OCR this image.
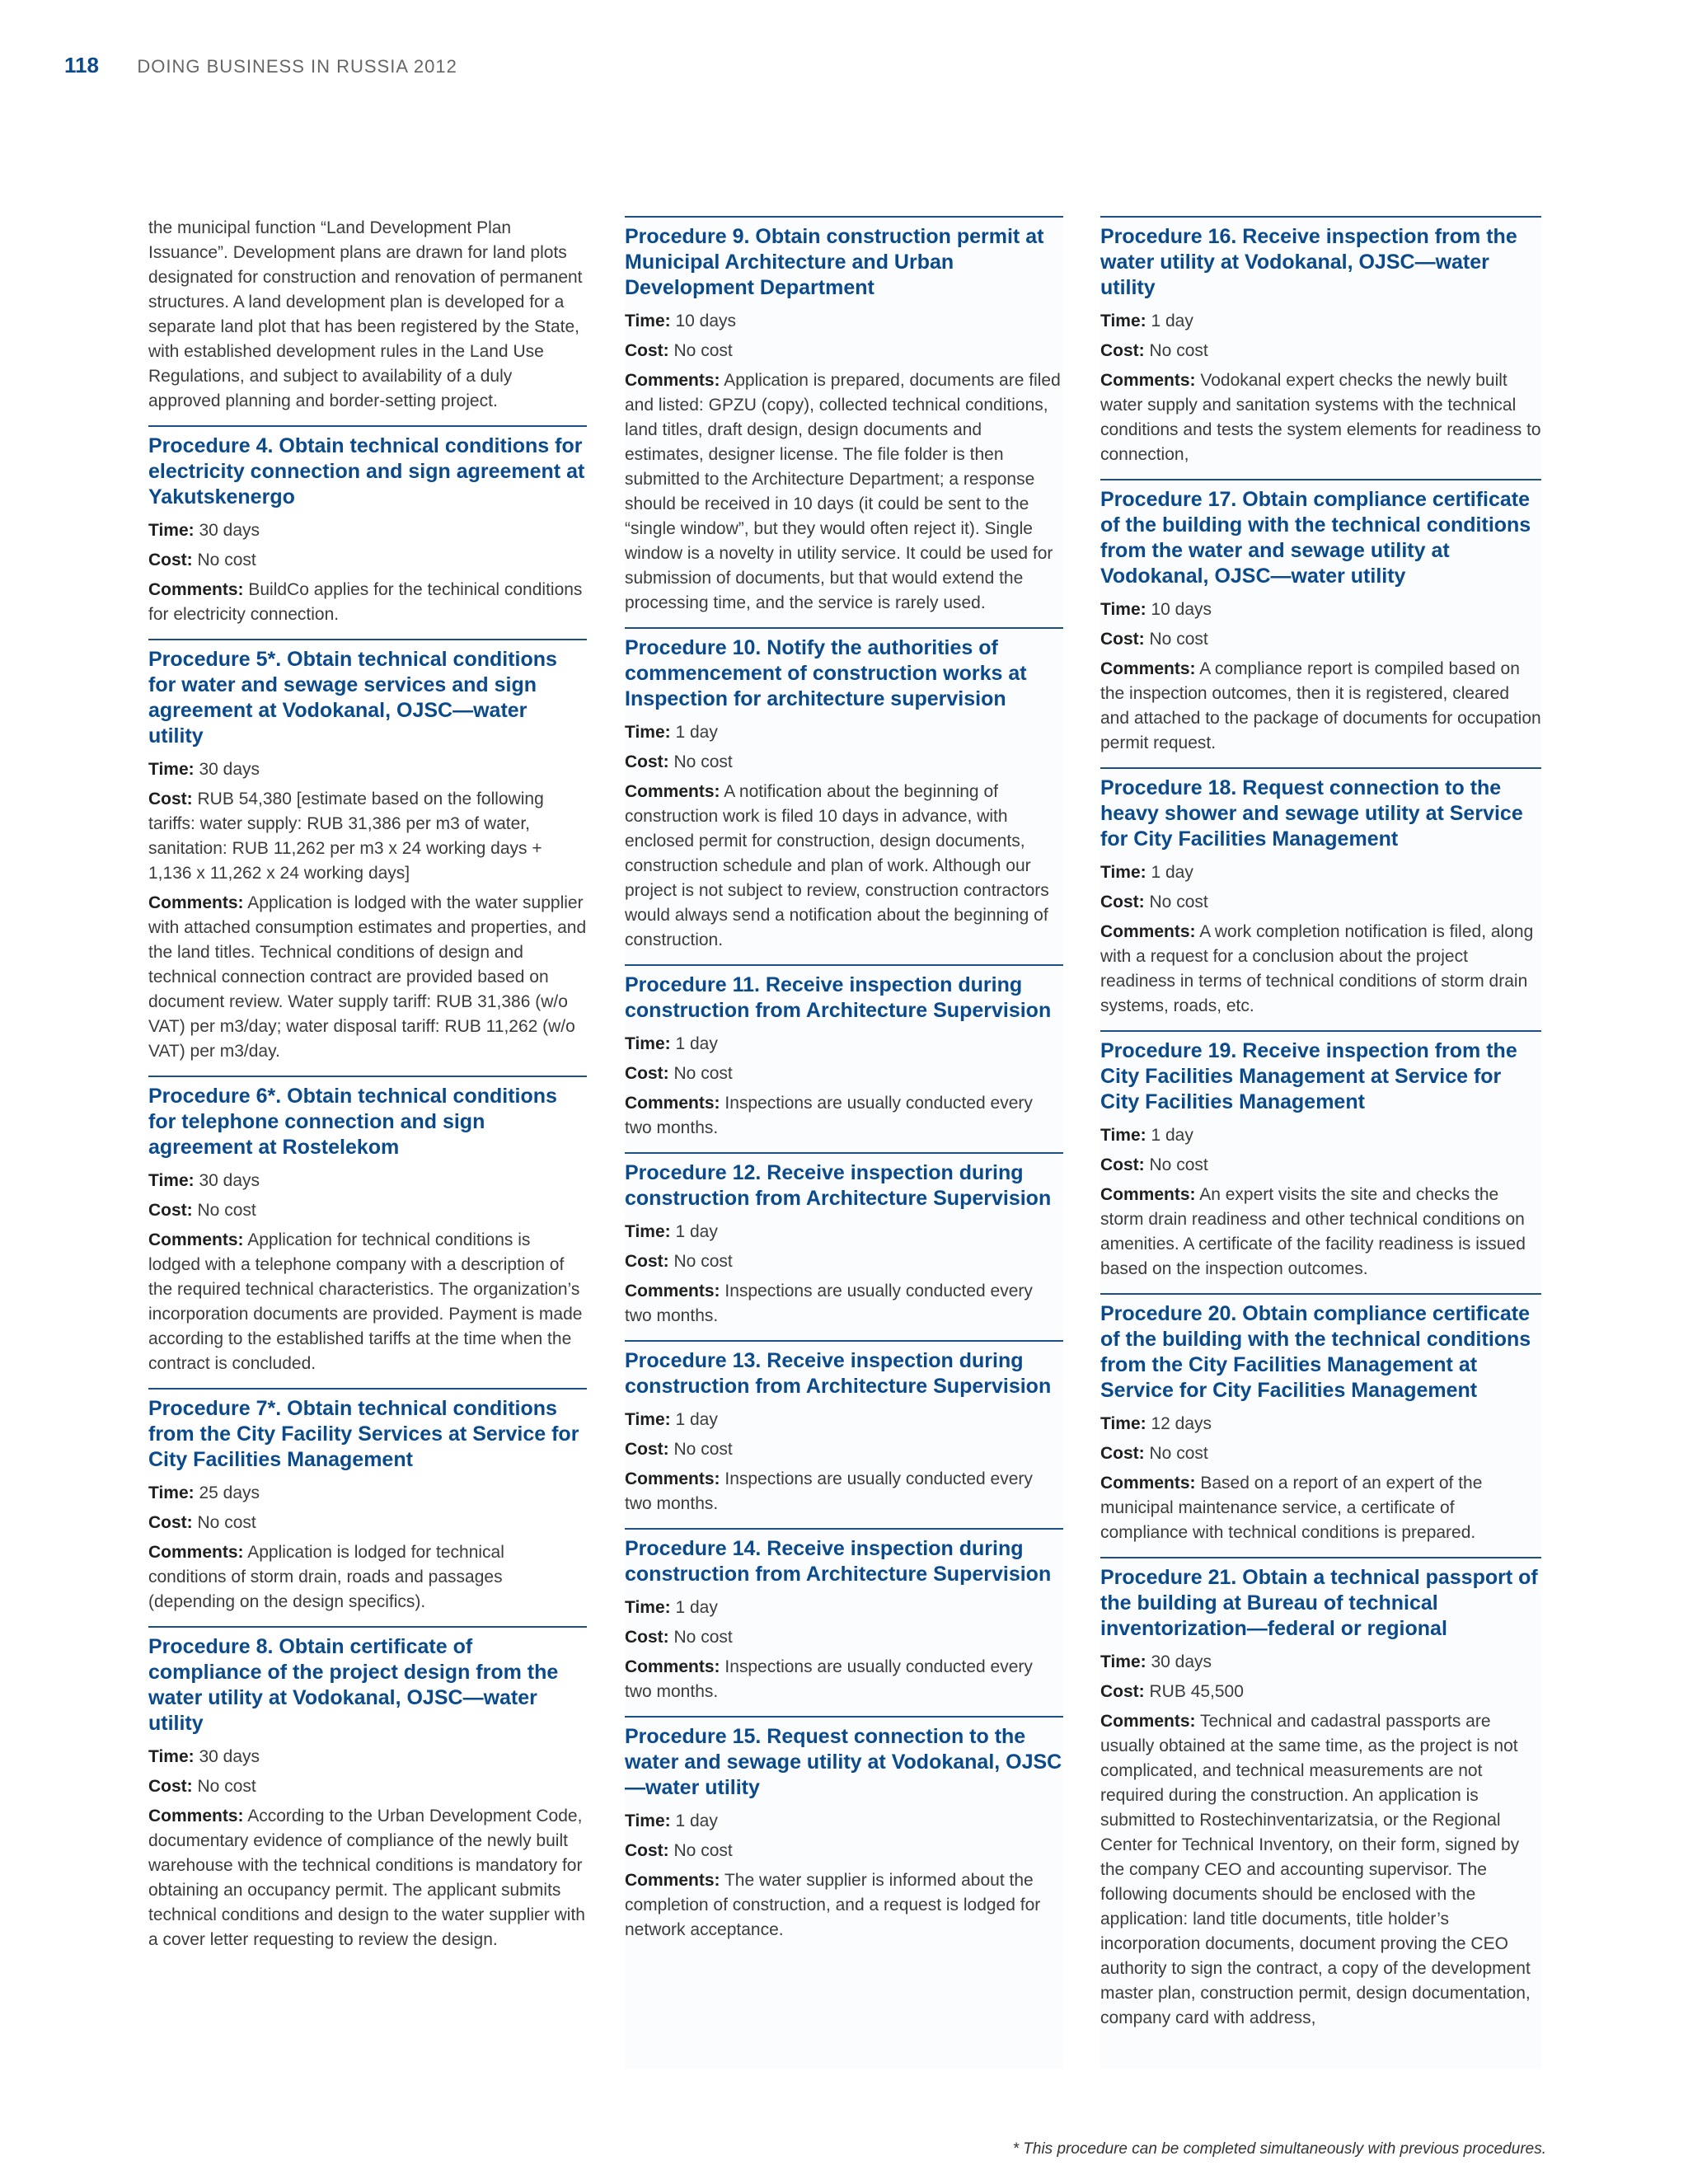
118 DOING BUSINESS IN RUSSIA 2012

the municipal function “Land Development Plan Issuance”. Development plans are drawn for land plots designated for construction and renovation of permanent structures. A land development plan is developed for a separate land plot that has been registered by the State, with established development rules in the Land Use Regulations, and subject to availability of a duly approved planning and border-setting project.

Procedure 4. Obtain technical conditions for electricity connection and sign agreement at Yakutskenergo
Time: 30 days
Cost: No cost
Comments: BuildCo applies for the techinical conditions for electricity connection.
Procedure 5*. Obtain technical conditions for water and sewage services and sign agreement at Vodokanal, OJSC—water utility
Time: 30 days
Cost: RUB 54,380 [estimate based on the following tariffs: water supply: RUB 31,386 per m3 of water, sanitation: RUB 11,262 per m3 x 24 working days + 1,136 x 11,262 x 24 working days]
Comments: Application is lodged with the water supplier with attached consumption estimates and properties, and the land titles. Technical conditions of design and technical connection contract are provided based on document review. Water supply tariff: RUB 31,386 (w/o VAT) per m3/day; water disposal tariff: RUB 11,262 (w/o VAT) per m3/day.
Procedure 6*. Obtain technical conditions for telephone connection and sign agreement at Rostelekom
Time: 30 days
Cost: No cost
Comments: Application for technical conditions is lodged with a telephone company with a description of the required technical characteristics. The organization’s incorporation documents are provided. Payment is made according to the established tariffs at the time when the contract is concluded.
Procedure 7*. Obtain technical conditions from the City Facility Services at Service for City Facilities Management
Time: 25 days
Cost: No cost
Comments: Application is lodged for technical conditions of storm drain, roads and passages (depending on the design specifics).
Procedure 8. Obtain certificate of compliance of the project design from the water utility at Vodokanal, OJSC—water utility
Time: 30 days
Cost: No cost
Comments: According to the Urban Development Code, documentary evidence of compliance of the newly built warehouse with the technical conditions is mandatory for obtaining an occupancy permit. The applicant submits technical conditions and design to the water supplier with a cover letter requesting to review the design.
Procedure 9. Obtain construction permit at Municipal Architecture and Urban Development Department
Time: 10 days
Cost: No cost
Comments: Application is prepared, documents are filed and listed: GPZU (copy), collected technical conditions, land titles, draft design, design documents and estimates, designer license. The file folder is then submitted to the Architecture Department; a response should be received in 10 days (it could be sent to the “single window”, but they would often reject it). Single window is a novelty in utility service. It could be used for submission of documents, but that would extend the processing time, and the service is rarely used.
Procedure 10. Notify the authorities of commencement of construction works at Inspection for architecture supervision
Time: 1 day
Cost: No cost
Comments: A notification about the beginning of construction work is filed 10 days in advance, with enclosed permit for construction, design documents, construction schedule and plan of work. Although our project is not subject to review, construction contractors would always send a notification about the beginning of construction.
Procedure 11. Receive inspection during construction from Architecture Supervision
Time: 1 day
Cost: No cost
Comments: Inspections are usually conducted every two months.
Procedure 12. Receive inspection during construction from Architecture Supervision
Time: 1 day
Cost: No cost
Comments: Inspections are usually conducted every two months.
Procedure 13. Receive inspection during construction from Architecture Supervision
Time: 1 day
Cost: No cost
Comments: Inspections are usually conducted every two months.
Procedure 14. Receive inspection during construction from Architecture Supervision
Time: 1 day
Cost: No cost
Comments: Inspections are usually conducted every two months.
Procedure 15. Request connection to the water and sewage utility at Vodokanal, OJSC—water utility
Time: 1 day
Cost: No cost
Comments: The water supplier is informed about the completion of construction, and a request is lodged for network acceptance.
Procedure 16. Receive inspection from the water utility at Vodokanal, OJSC—water utility
Time: 1 day
Cost: No cost
Comments: Vodokanal expert checks the newly built water supply and sanitation systems with the technical conditions and tests the system elements for readiness to connection,
Procedure 17. Obtain compliance certificate of the building with the technical conditions from the water and sewage utility at Vodokanal, OJSC—water utility
Time: 10 days
Cost: No cost
Comments: A compliance report is compiled based on the inspection outcomes, then it is registered, cleared and attached to the package of documents for occupation permit request.
Procedure 18. Request connection to the heavy shower and sewage utility at Service for City Facilities Management
Time: 1 day
Cost: No cost
Comments: A work completion notification is filed, along with a request for a conclusion about the project readiness in terms of technical conditions of storm drain systems, roads, etc.
Procedure 19. Receive inspection from the City Facilities Management at Service for City Facilities Management
Time: 1 day
Cost: No cost
Comments: An expert visits the site and checks the storm drain readiness and other technical conditions on amenities. A certificate of the facility readiness is issued based on the inspection outcomes.
Procedure 20. Obtain compliance certificate of the building with the technical conditions from the City Facilities Management at Service for City Facilities Management
Time: 12 days
Cost: No cost
Comments: Based on a report of an expert of the municipal maintenance service, a certificate of compliance with technical conditions is prepared.
Procedure 21. Obtain a technical passport of the building at Bureau of technical inventorization—federal or regional
Time: 30 days
Cost: RUB 45,500
Comments: Technical and cadastral passports are usually obtained at the same time, as the project is not complicated, and technical measurements are not required during the construction. An application is submitted to Rostechinventarizatsia, or the Regional Center for Technical Inventory, on their form, signed by the company CEO and accounting supervisor. The following documents should be enclosed with the application: land title documents, title holder’s incorporation documents, document proving the CEO authority to sign the contract, a copy of the development master plan, construction permit, design documentation, company card with address,
* This procedure can be completed simultaneously with previous procedures.
